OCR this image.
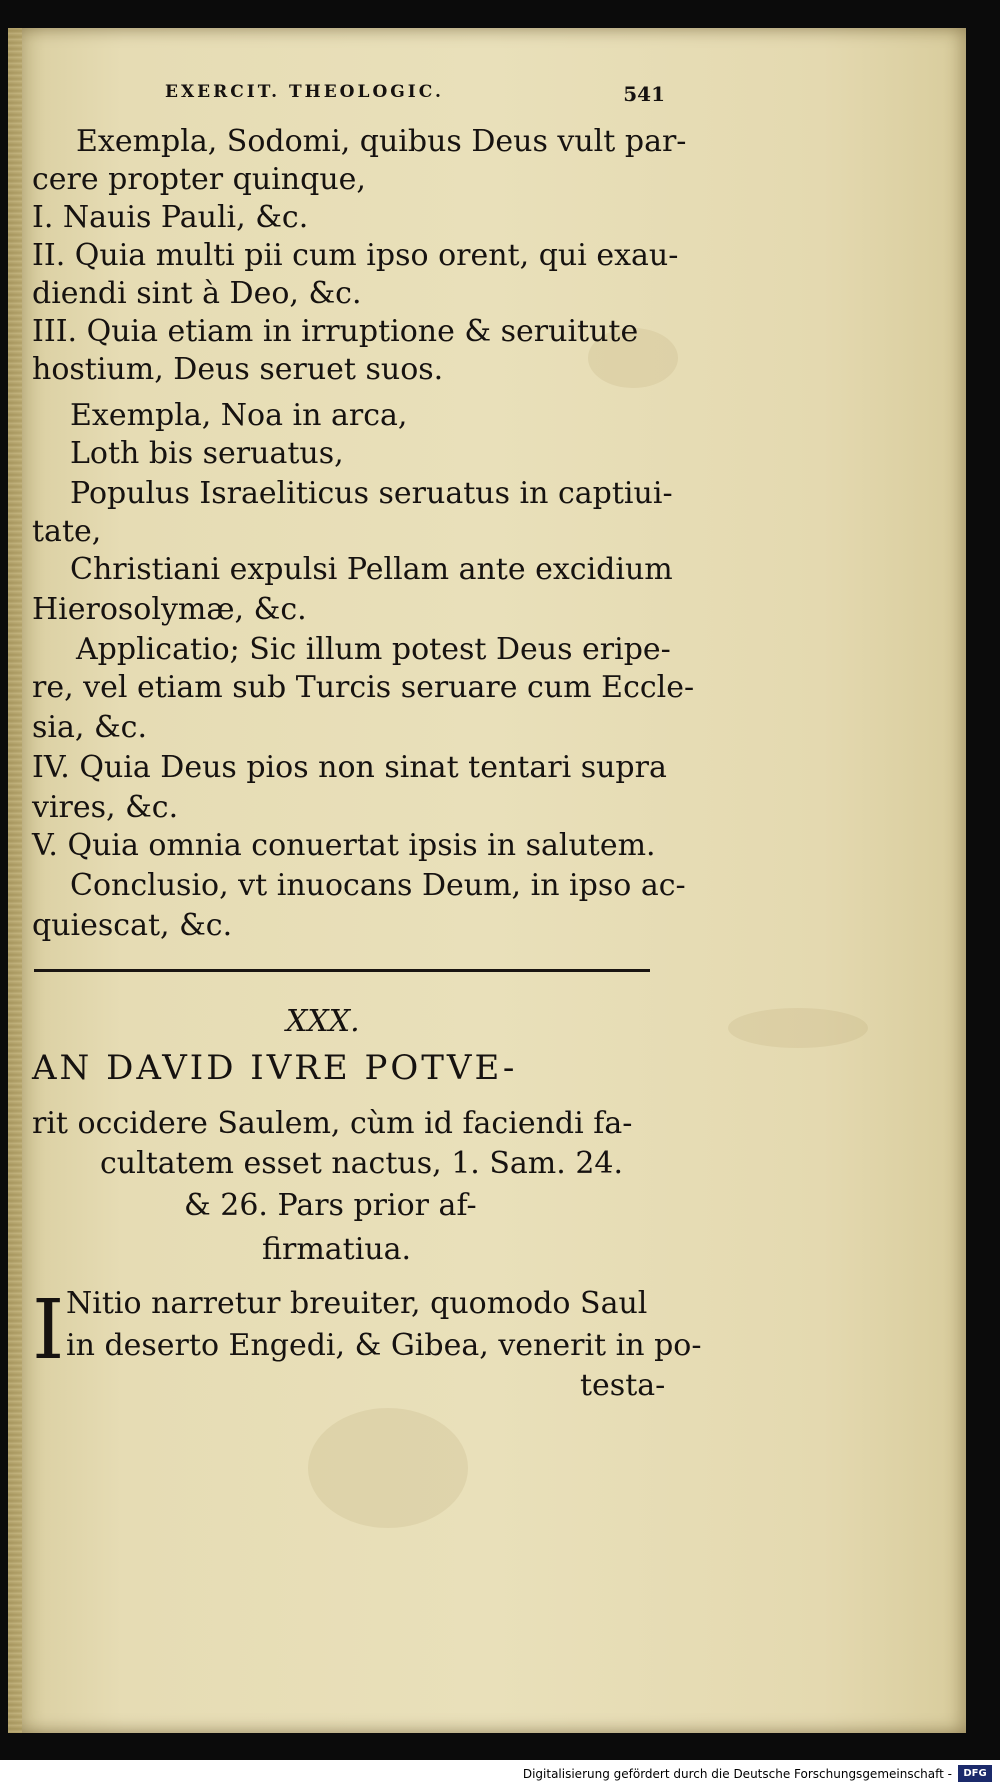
EXERCIT. THEOLOGIC.	541
Exempla, Sodomi, quibus Deus vult par-
cere propter quinque,
I. Nauis Pauli, &c.
II. Quia multi pii cum ipso orent, qui exau-
diendi sint à Deo, &c.
III. Quia etiam in irruptione & seruitute
hostium, Deus seruet suos.
Exempla, Noa in arca,
Loth bis seruatus,
Populus Israeliticus seruatus in captiui-
tate,
Christiani expulsi Pellam ante excidium
Hierosolymæ, &c.
Applicatio; Sic illum potest Deus eripe-
re, vel etiam sub Turcis seruare cum Eccle-
sia, &c.
IV. Quia Deus pios non sinat tentari supra
vires, &c.
V. Quia omnia conuertat ipsis in salutem.
Conclusio, vt inuocans Deum, in ipso ac-
quiescat, &c.
XXX.
AN DAVID IVRE POTVE-
rit occidere Saulem, cùm id faciendi fa-
cultatem esset nactus, 1. Sam. 24.
& 26. Pars prior af-
firmatiua.
I Nitio narretur breuiter, quomodo Saul
in deserto Engedi, & Gibea, venerit in po-
testa-
Digitalisierung gefördert durch die Deutsche Forschungsgemeinschaft -	DFG
